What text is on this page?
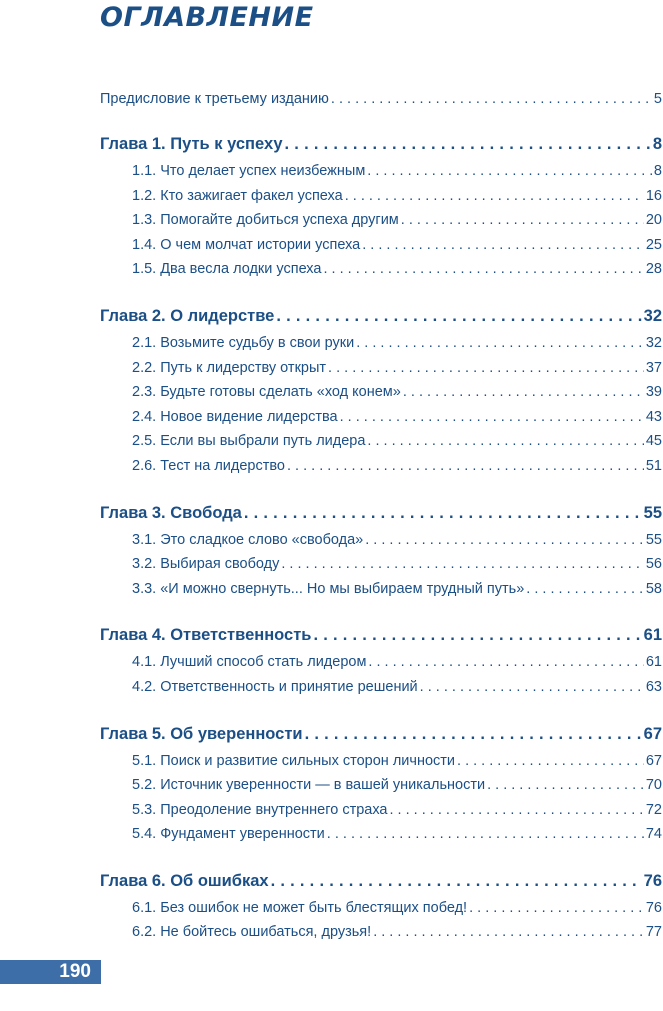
ОГЛАВЛЕНИЕ
Предисловие к третьему изданию . . .	5
Глава 1. Путь к успеху . . .	8
1.1. Что делает успех неизбежным . . .	8
1.2. Кто зажигает факел успеха . . .	16
1.3. Помогайте добиться успеха другим . . .	20
1.4. О чем молчат истории успеха . . .	25
1.5. Два весла лодки успеха . . .	28
Глава 2. О лидерстве . . .	32
2.1. Возьмите судьбу в свои руки . . .	32
2.2. Путь к лидерству открыт . . .	37
2.3. Будьте готовы сделать «ход конем» . . .	39
2.4. Новое видение лидерства . . .	43
2.5. Если вы выбрали путь лидера . . .	45
2.6. Тест на лидерство . . .	51
Глава 3. Свобода . . .	55
3.1. Это сладкое слово «свобода» . . .	55
3.2. Выбирая свободу . . .	56
3.3. «И можно свернуть... Но мы выбираем трудный путь» . . .	58
Глава 4. Ответственность . . .	61
4.1. Лучший способ стать лидером . . .	61
4.2. Ответственность и принятие решений . . .	63
Глава 5. Об уверенности . . .	67
5.1. Поиск и развитие сильных сторон личности . . .	67
5.2. Источник уверенности — в вашей уникальности . . .	70
5.3. Преодоление внутреннего страха . . .	72
5.4. Фундамент уверенности . . .	74
Глава 6. Об ошибках . . .	76
6.1. Без ошибок не может быть блестящих побед! . . .	76
6.2. Не бойтесь ошибаться, друзья! . . .	77
190
